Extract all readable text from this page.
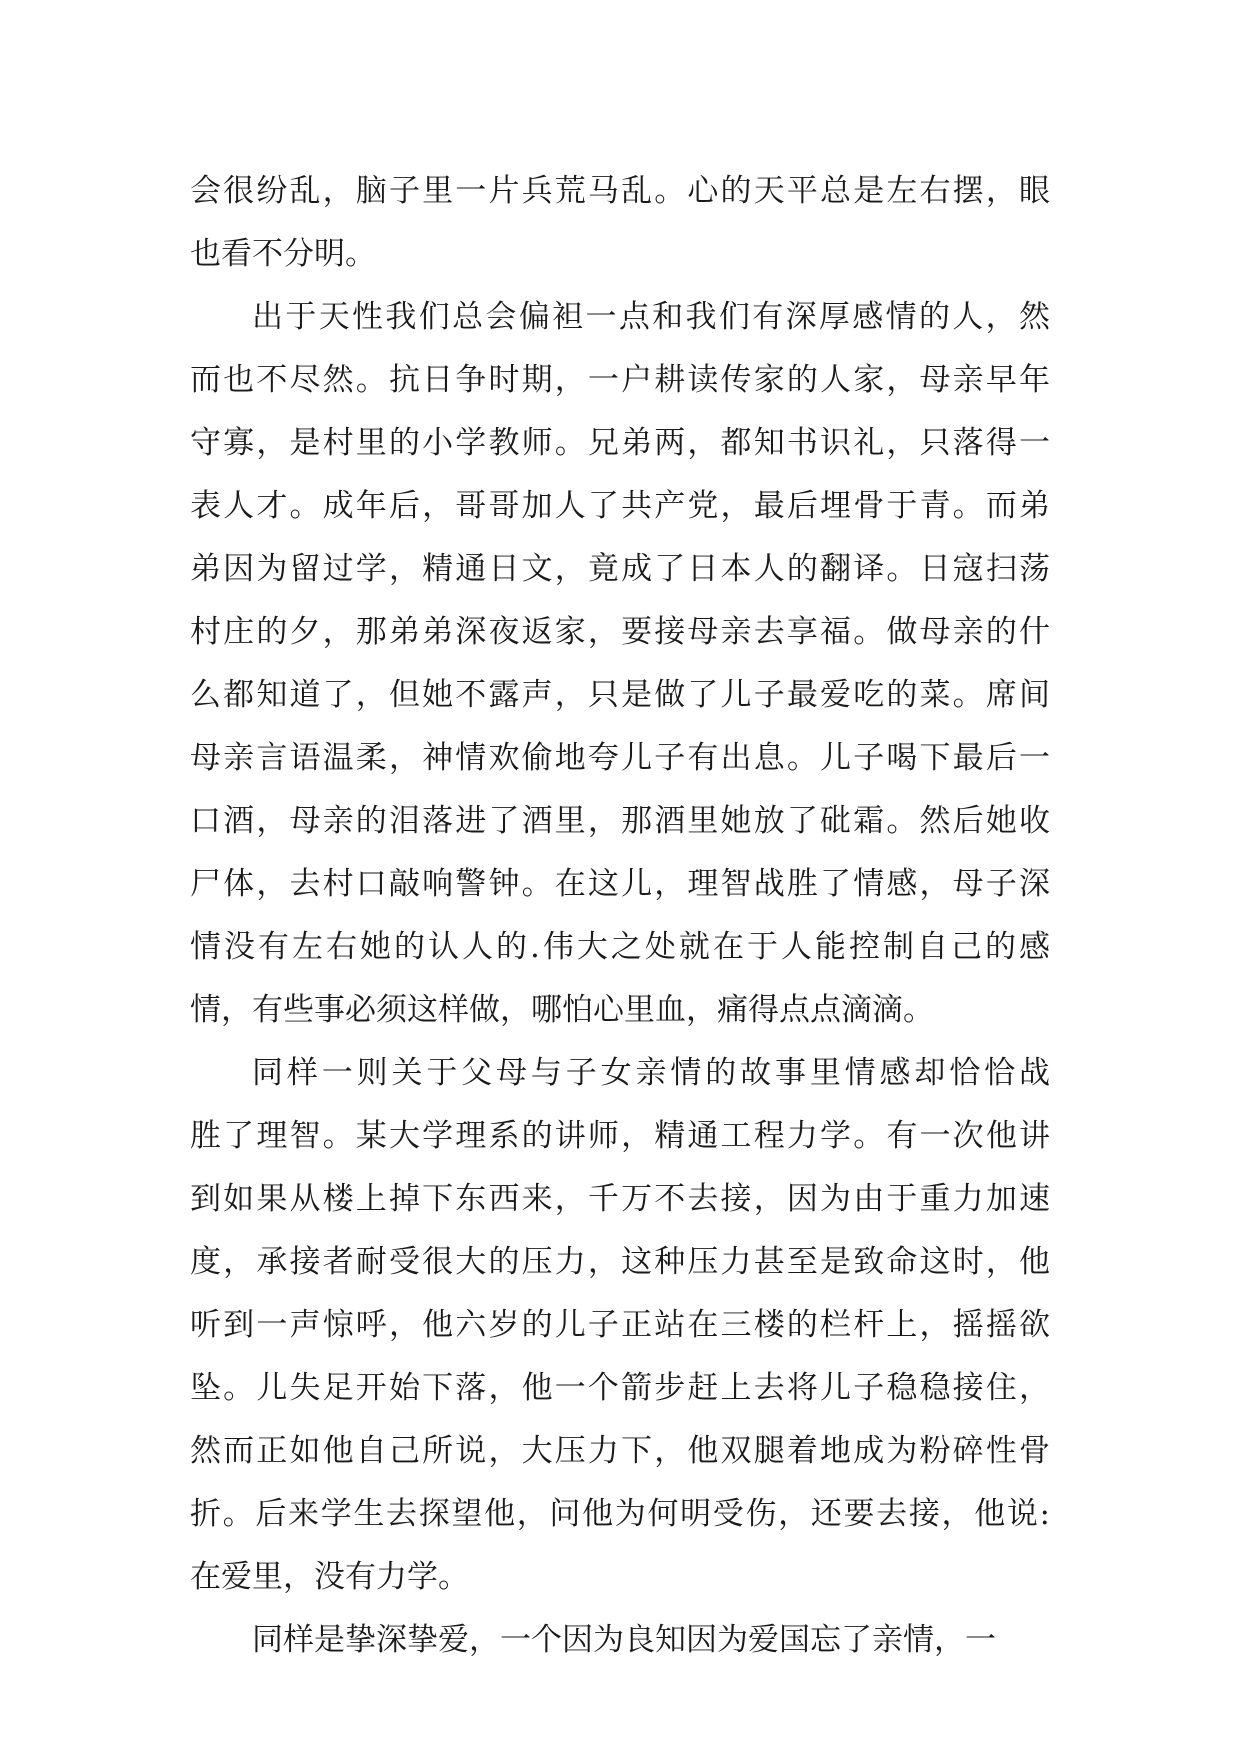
会很纷乱，脑子里一片兵荒马乱。心的天平总是左右摆，眼
也看不分明。
出于天性我们总会偏袒一点和我们有深厚感情的人，然
而也不尽然。抗日争时期，一户耕读传家的人家，母亲早年
守寡，是村里的小学教师。兄弟两，都知书识礼，只落得一
表人才。成年后，哥哥加人了共产党，最后埋骨于青。而弟
弟因为留过学，精通日文，竟成了日本人的翻译。日寇扫荡
村庄的夕，那弟弟深夜返家，要接母亲去享福。做母亲的什
么都知道了，但她不露声，只是做了儿子最爱吃的菜。席间
母亲言语温柔，神情欢偷地夸儿子有出息。儿子喝下最后一
口酒，母亲的泪落进了酒里，那酒里她放了砒霜。然后她收
尸体，去村口敲响警钟。在这儿，理智战胜了情感，母子深
情没有左右她的认人的.伟大之处就在于人能控制自己的感
情，有些事必须这样做，哪怕心里血，痛得点点滴滴。
同样一则关于父母与子女亲情的故事里情感却恰恰战
胜了理智。某大学理系的讲师，精通工程力学。有一次他讲
到如果从楼上掉下东西来，千万不去接，因为由于重力加速
度，承接者耐受很大的压力，这种压力甚至是致命这时，他
听到一声惊呼，他六岁的儿子正站在三楼的栏杆上，摇摇欲
坠。儿失足开始下落，他一个箭步赶上去将儿子稳稳接住，
然而正如他自己所说，大压力下，他双腿着地成为粉碎性骨
折。后来学生去探望他，问他为何明受伤，还要去接，他说:
在爱里，没有力学。
同样是挚深挚爱，一个因为良知因为爱国忘了亲情，一
